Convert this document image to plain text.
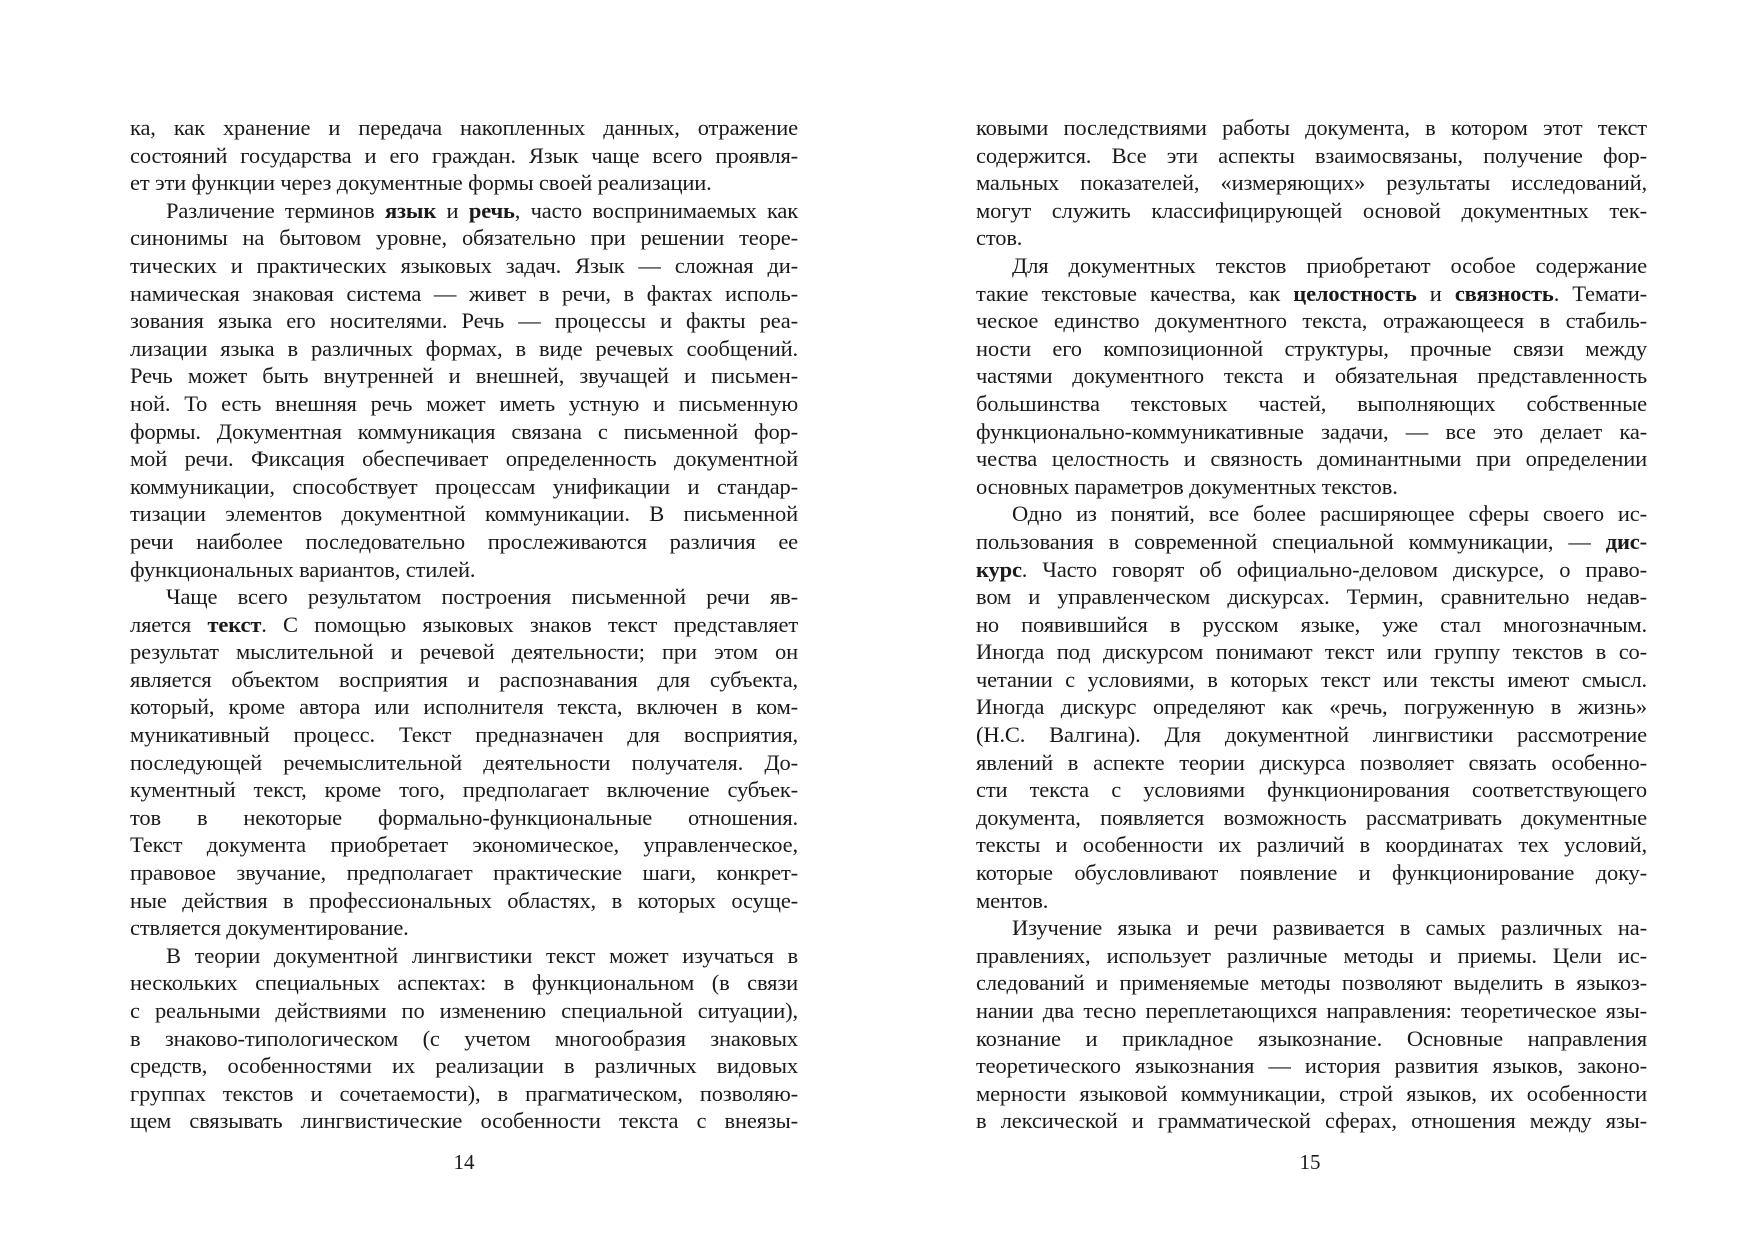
ка, как хранение и передача накопленных данных, отражение
состояний государства и его граждан. Язык чаще всего проявля-
ет эти функции через документные формы своей реализации.
Различение терминов язык и речь, часто воспринимаемых как
синонимы на бытовом уровне, обязательно при решении теоре-
тических и практических языковых задач. Язык — сложная ди-
намическая знаковая система — живет в речи, в фактах исполь-
зования языка его носителями. Речь — процессы и факты реа-
лизации языка в различных формах, в виде речевых сообщений.
Речь может быть внутренней и внешней, звучащей и письмен-
ной. То есть внешняя речь может иметь устную и письменную
формы. Документная коммуникация связана с письменной фор-
мой речи. Фиксация обеспечивает определенность документной
коммуникации, способствует процессам унификации и стандар-
тизации элементов документной коммуникации. В письменной
речи наиболее последовательно прослеживаются различия ее
функциональных вариантов, стилей.
Чаще всего результатом построения письменной речи яв-
ляется текст. С помощью языковых знаков текст представляет
результат мыслительной и речевой деятельности; при этом он
является объектом восприятия и распознавания для субъекта,
который, кроме автора или исполнителя текста, включен в ком-
муникативный процесс. Текст предназначен для восприятия,
последующей речемыслительной деятельности получателя. До-
кументный текст, кроме того, предполагает включение субъек-
тов в некоторые формально-функциональные отношения.
Текст документа приобретает экономическое, управленческое,
правовое звучание, предполагает практические шаги, конкрет-
ные действия в профессиональных областях, в которых осуще-
ствляется документирование.
В теории документной лингвистики текст может изучаться в
нескольких специальных аспектах: в функциональном (в связи
с реальными действиями по изменению специальной ситуации),
в знаково-типологическом (с учетом многообразия знаковых
средств, особенностями их реализации в различных видовых
группах текстов и сочетаемости), в прагматическом, позволяю-
щем связывать лингвистические особенности текста с внеязы-
ковыми последствиями работы документа, в котором этот текст
содержится. Все эти аспекты взаимосвязаны, получение фор-
мальных показателей, «измеряющих» результаты исследований,
могут служить классифицирующей основой документных тек-
стов.
Для документных текстов приобретают особое содержание
такие текстовые качества, как целостность и связность. Темати-
ческое единство документного текста, отражающееся в стабиль-
ности его композиционной структуры, прочные связи между
частями документного текста и обязательная представленность
большинства текстовых частей, выполняющих собственные
функционально-коммуникативные задачи, — все это делает ка-
чества целостность и связность доминантными при определении
основных параметров документных текстов.
Одно из понятий, все более расширяющее сферы своего ис-
пользования в современной специальной коммуникации, — дис-
курс. Часто говорят об официально-деловом дискурсе, о право-
вом и управленческом дискурсах. Термин, сравнительно недав-
но появившийся в русском языке, уже стал многозначным.
Иногда под дискурсом понимают текст или группу текстов в со-
четании с условиями, в которых текст или тексты имеют смысл.
Иногда дискурс определяют как «речь, погруженную в жизнь»
(Н.С. Валгина). Для документной лингвистики рассмотрение
явлений в аспекте теории дискурса позволяет связать особенно-
сти текста с условиями функционирования соответствующего
документа, появляется возможность рассматривать документные
тексты и особенности их различий в координатах тех условий,
которые обусловливают появление и функционирование доку-
ментов.
Изучение языка и речи развивается в самых различных на-
правлениях, использует различные методы и приемы. Цели ис-
следований и применяемые методы позволяют выделить в языкоз-
нании два тесно переплетающихся направления: теоретическое язы-
кознание и прикладное языкознание. Основные направления
теоретического языкознания — история развития языков, законо-
мерности языковой коммуникации, строй языков, их особенности
в лексической и грамматической сферах, отношения между язы-
14	15
